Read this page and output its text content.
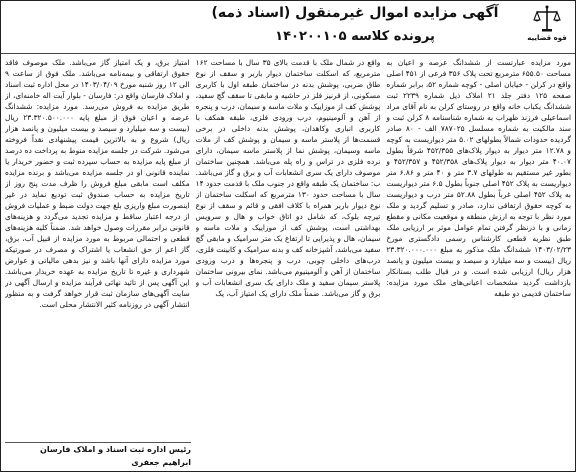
قوه قضاییه
آگهی مزایده اموال غیرمنقول (اسناد ذمه)
پرونده کلاسه ۱۴۰۲۰۰۱۰۵
مورد مزایده عبارتست از ششدانگ عرصه و اعیان به مساحت ۶۵۵.۵۰ مترمربع تحت پلاک ۳۵۶ فرعی از ۴۵۱ اصلی واقع در کرلن - خیابان اصلی - کوچه شماره ۵۲، برابر شماره صفحه ۱۲۵ دفتر جلد ۲۱ املاک ذیل شماره ۲۲۳۹ ثبت ششدانگ یکباب خانه واقع در روستای کرلن به نام آقای مراد اسماعیلی فرزند ظهراب به شماره شناسنامه ۸ کرلن ثبت و سند مالکیت به شماره مسلسل ۷۸۷۰۲۵ الف - ۸۰ صادر گردیده حدودات شمالاً بطولهای ۵.۰۲ متر دیواریست به کوچه و ۱۲.۷۸ متر دیوار به دیوار پلاک‌های ۴۵۲/۳۵۵ شرقاً بطول ۴۰.۰۷ متر دیوار به دیوار پلاک‌های ۴۵۲/۳۵۸ و ۴۵۲/۳۵۷ و بطور غیر مستقیم به طولهای ۳.۷ متر و ۴۰ متر و ۶.۸۶ متر دیواریست به پلاک ۴۵۲ اصلی جنوباً بطول ۶.۵ متر دیواریست به پلاک ۴۵۲ اصلی غرباً بطول ۵۲.۸۸ متر درب و دیواریست به کوچه حقوق ارتفاقی ندارد، صادر و تسلیم گردید و ملک مورد نظر با توجه به ارزش منطقه و موقعیت مکانی و مقطع زمانی و با درنظر گرفتن تمام عوامل موثر بر ارزیابی ملک طبق نظریه قطعی کارشناس رسمی دادگستری مورخ ۱۴۰۳/۰۲/۲۳ ششدانگ ملک مذکور به مبلغ ۲۳.۳۲۰.۰۰۰.۰۰۰ ریال (بیست و سه میلیارد و سیصد و بیست میلیون و پانصد هزار ریال) ارزیابی شده است. و در قبال طلب بستانکار بازداشت گردید مشخصات اعیانی‌های ملک مورد مزایده: ساختمان قدیمی دو طبقه
واقع در شمال ملک با قدمت بالای ۳۵ سال با مساحت ۱۶۲ مترمربع، که اسکلت ساختمان دیوار باربر و سقف از نوع طاق ضربی، پوشش بدنه در ساختمان طبقه اول با کاربری مسکونی، از قرنیز فلز در حاشیه و مابقی تا سقف گچ سفید، پوشش کف از موزاییک و ملات ماسه و سیمان، درب و پنجره از آهن و آلومینیوم، درب ورودی فلزی، طبقه همکف با کاربری انباری وکاهدان، پوشش بدنه داخلی در برخی قسمت‌ها از پلاستر ماسه و سیمان و پوشش کف از ملات ماسه وسیمان، پوشش نما از پلاستر ماسه سیمان، دارای نرده فلزی در تراس و راه پله می‌باشد. همچنین ساختمان موصوف دارای یک سری انشعابات آب و برق و گاز می‌باشد. ب: ساختمان یک طبقه واقع در جنوب ملک با قدمت حدود ۱۴ سال با مساحت حدود ۱۳۰ مترمربع که اسکلت ساختمان از نوع دیوار باربر همراه با کلاف افقی و قائم و سقف از نوع تیرچه بلوک، که شامل دو اتاق خواب و هال و سرویس بهداشتی است، پوشش کف از موزاییک و ملات ماسه و سیمان، هال و پذیرایی تا ارتفاع یک متر سرامیک و مابقی گچ سفید می‌باشد، آشپزخانه کف و بدنه سرامیک و کابینت فلزی، درب‌های داخلی چوبی، درب و پنجره‌ها و درب ورودی ساختمان از آهن و آلومینیوم می‌باشد. نمای بیرونی ساختمان پلاستر سیمان سفید و ملک دارای یک سری انشعابات آب و برق و گاز می‌باشد. ضمناً ملک دارای یک امتیاز آب، یک
امتیاز برق، و یک امتیاز گاز می‌باشد. ملک موصوف فاقد حقوق ارتفاقی و بیمه‌نامه می‌باشد. ملک فوق از ساعت ۹ الی ۱۲ روز شنبه مورخ ۱۴۰۳/۰۴/۰۹ در محل اداره ثبت اسناد و املاک فارسان واقع در: فارسان - بلوار آیت اله خامنه‌ای، از طریق مزایده به فروش می‌رسد. مورد مزایده: ششدانگ عرصه و اعیان فوق از مبلغ پایه ۲۳.۳۲۰.۵۰۰.۰۰۰ ریال (بیست و سه میلیارد و سیصد و بیست میلیون و پانصد هزار ریال) شروع و به بالاترین قیمت پیشنهادی نقداً فروخته می‌شود. شرکت در جلسه مزایده منوط به پرداخت ده درصد از مبلغ پایه مزایده به حساب سپرده ثبت و حضور خریدار یا نماینده قانونی او در جلسه مزایده می‌باشد و برنده مزایده مکلف است مابقی مبلغ فروش را ظرف مدت پنج روز از تاریخ مزایده به حساب صندوق ثبت تودیع نماید در غیر اینصورت مبلغ واریزی بلغ جهت دولت ضبط و عملیات فروش از درجه اعتبار ساقط و مزایده تجدید می‌گردد و هزینه‌های قانونی برابر مقررات وصول خواهد شد. ضمناً کلیه هزینه‌های قطعی و احتمالی مربوط به مورد مزایده از قبیل آب، برق، گاز اعم از حق انشعاب یا اشتراک و مصرف در صورتیکه مورد مزایده دارای آنها باشد و نیز بدهی مالیاتی و عوارض شهرداری و غیره تا تاریخ مزایده به عهده خریدار می‌باشد. این آگهی پس از تائید نهائی فرآیند مزایده و ارسال آگهی در سایت آگهی‌های سازمان ثبت قرار خواهد گرفت و به منظور انتشار آگهی در روزنامه کثیر الانتشار محلی است.
رئیس اداره ثبت اسناد و املاک فارسان
ابراهیم جعفری
